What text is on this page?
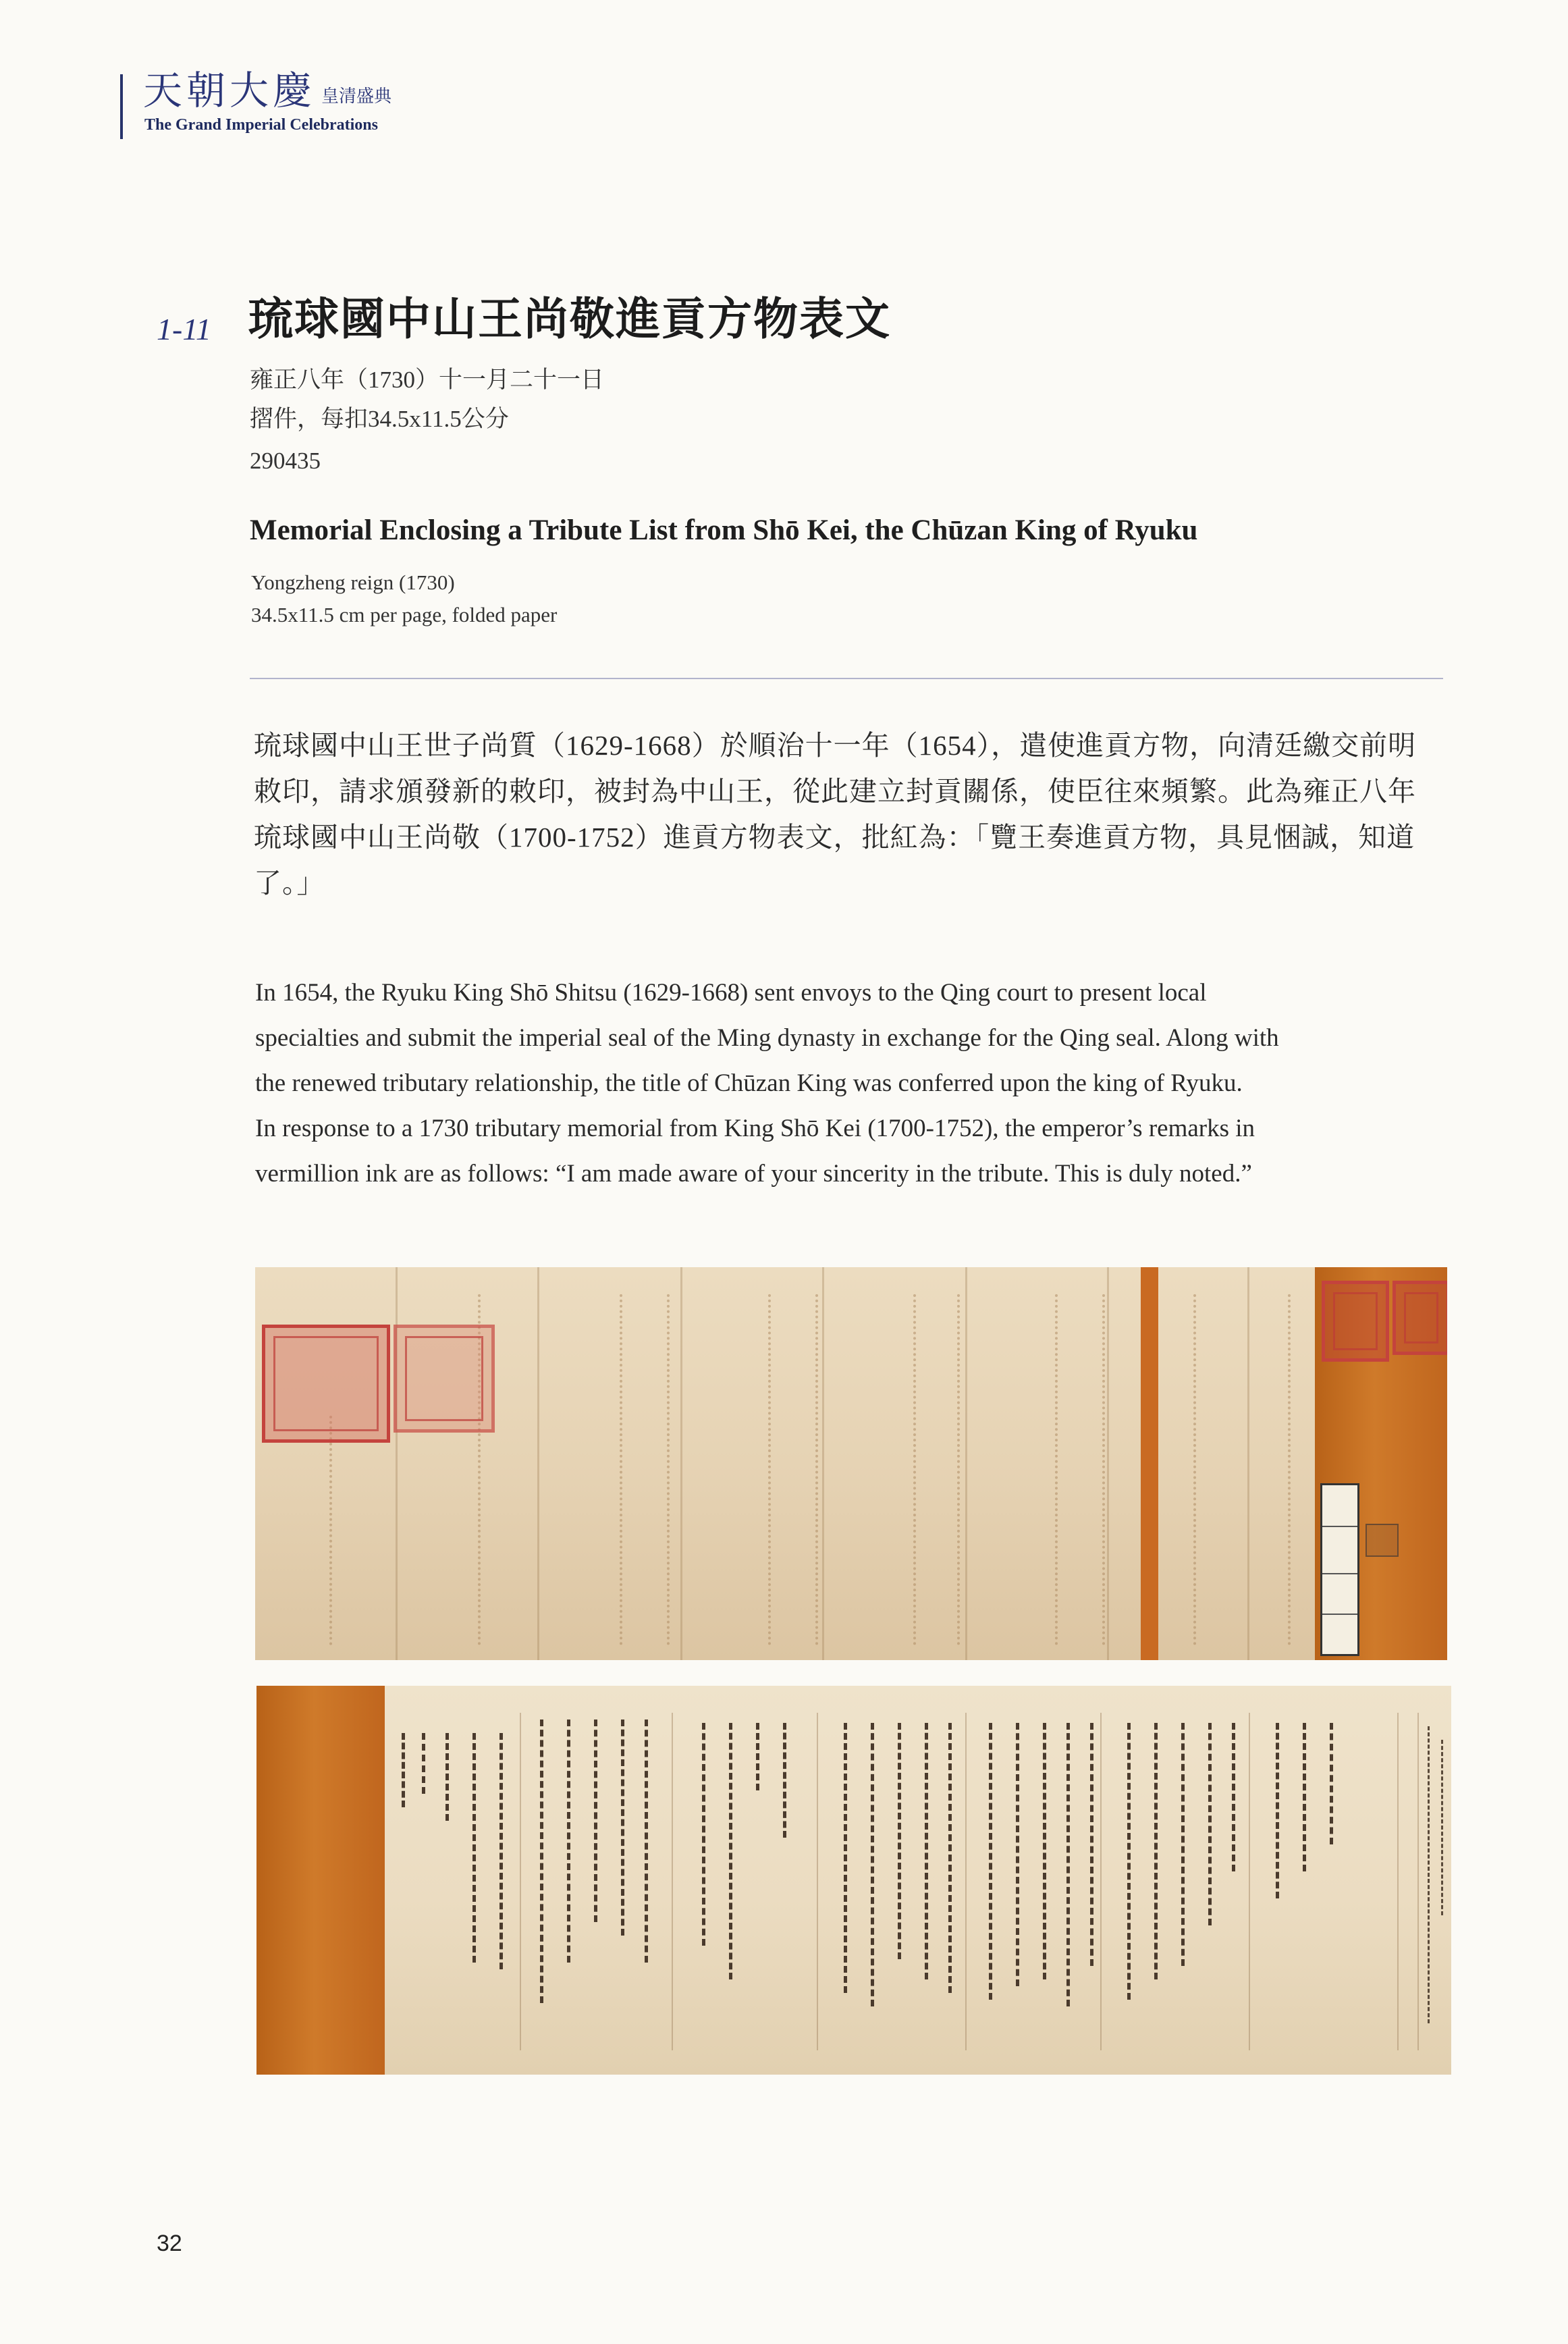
天朝大慶 皇清盛典
The Grand Imperial Celebrations
1-11 琉球國中山王尚敬進貢方物表文
雍正八年（1730）十一月二十一日
摺件，每扣34.5x11.5公分
290435
Memorial Enclosing a Tribute List from Shō Kei, the Chūzan King of Ryuku
Yongzheng reign (1730)
34.5x11.5 cm per page, folded paper
琉球國中山王世子尚質（1629-1668）於順治十一年（1654），遣使進貢方物，向清廷繳交前明
敕印，請求頒發新的敕印，被封為中山王，從此建立封貢關係，使臣往來頻繁。此為雍正八年
琉球國中山王尚敬（1700-1752）進貢方物表文，批紅為：「覽王奏進貢方物，具見悃誠，知道
了。」
In 1654, the Ryuku King Shō Shitsu (1629-1668) sent envoys to the Qing court to present local
specialties and submit the imperial seal of the Ming dynasty in exchange for the Qing seal. Along with
the renewed tributary relationship, the title of Chūzan King was conferred upon the king of Ryuku.
In response to a 1730 tributary memorial from King Shō Kei (1700-1752), the emperor’s remarks in
vermillion ink are as follows: “I am made aware of your sincerity in the tribute. This is duly noted.”
32
